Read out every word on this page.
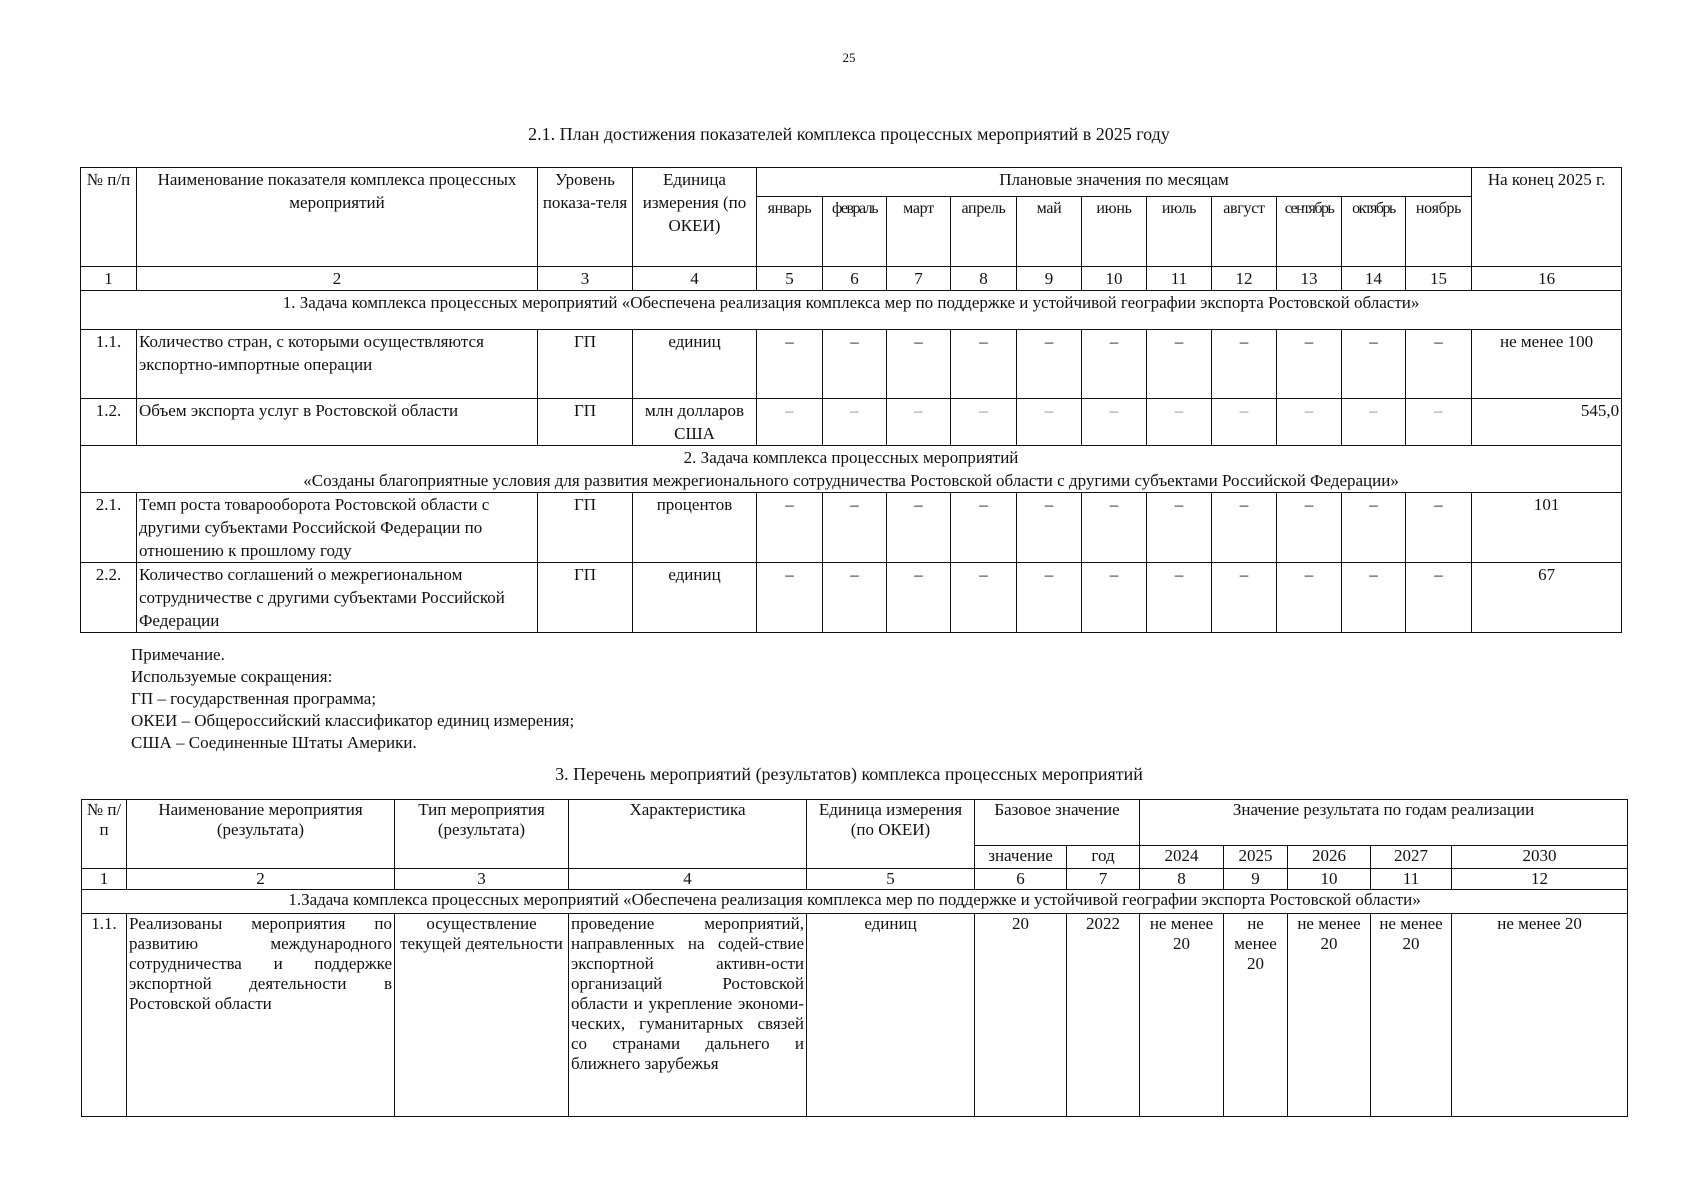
25
2.1. План достижения показателей комплекса процессных мероприятий в 2025 году
№ п/п	Наименование показателя комплекса процессных мероприятий	Уровень показа-теля	Единица измерения (по ОКЕИ)	Плановые значения по месяцам											На конец 2025 г.
				январь	февраль	март	апрель	май	июнь	июль	август	сентябрь	октябрь	ноябрь	
1	2	3	4	5	6	7	8	9	10	11	12	13	14	15	16
1. Задача комплекса процессных мероприятий «Обеспечена реализация комплекса мер по поддержке и устойчивой географии экспорта Ростовской области»															
1.1.	Количество стран, с которыми осуществляются экспортно-импортные операции	ГП	единиц	–	–	–	–	–	–	–	–	–	–	–	не менее 100
1.2.	Объем экспорта услуг в Ростовской области	ГП	млн долларов США	–	–	–	–	–	–	–	–	–	–	–	545,0
2. Задача комплекса процессных мероприятий
«Созданы благоприятные условия для развития межрегионального сотрудничества Ростовской области с другими субъектами Российской Федерации»															
2.1.	Темп роста товарооборота Ростовской области с другими субъектами Российской Федерации по отношению к прошлому году	ГП	процентов	–	–	–	–	–	–	–	–	–	–	–	101
2.2.	Количество соглашений о межрегиональном сотрудничестве с другими субъектами Российской Федерации	ГП	единиц	–	–	–	–	–	–	–	–	–	–	–	67
Примечание.
Используемые сокращения:
ГП – государственная программа;
ОКЕИ – Общероссийский классификатор единиц измерения;
США – Соединенные Штаты Америки.
3. Перечень мероприятий (результатов) комплекса процессных мероприятий
№ п/п	Наименование мероприятия (результата)	Тип мероприятия (результата)	Характеристика	Единица измерения (по ОКЕИ)	Базовое значение		Значение результата по годам реализации				
					значение	год	2024	2025	2026	2027	2030
1	2	3	4	5	6	7	8	9	10	11	12
1.Задача комплекса процессных мероприятий «Обеспечена реализация комплекса мер по поддержке и устойчивой географии экспорта Ростовской области»											
1.1.	Реализованы мероприятия по развитию международного сотрудничества и поддержке экспортной деятельности в Ростовской области	осуществление текущей деятельности	проведение мероприятий, направленных на содей-ствие экспортной активн-ости организаций Ростовской области и укрепление экономи-ческих, гуманитарных связей со странами дальнего и ближнего зарубежья	единиц	20	2022	не менее 20	не менее 20	не менее 20	не менее 20	не менее 20
